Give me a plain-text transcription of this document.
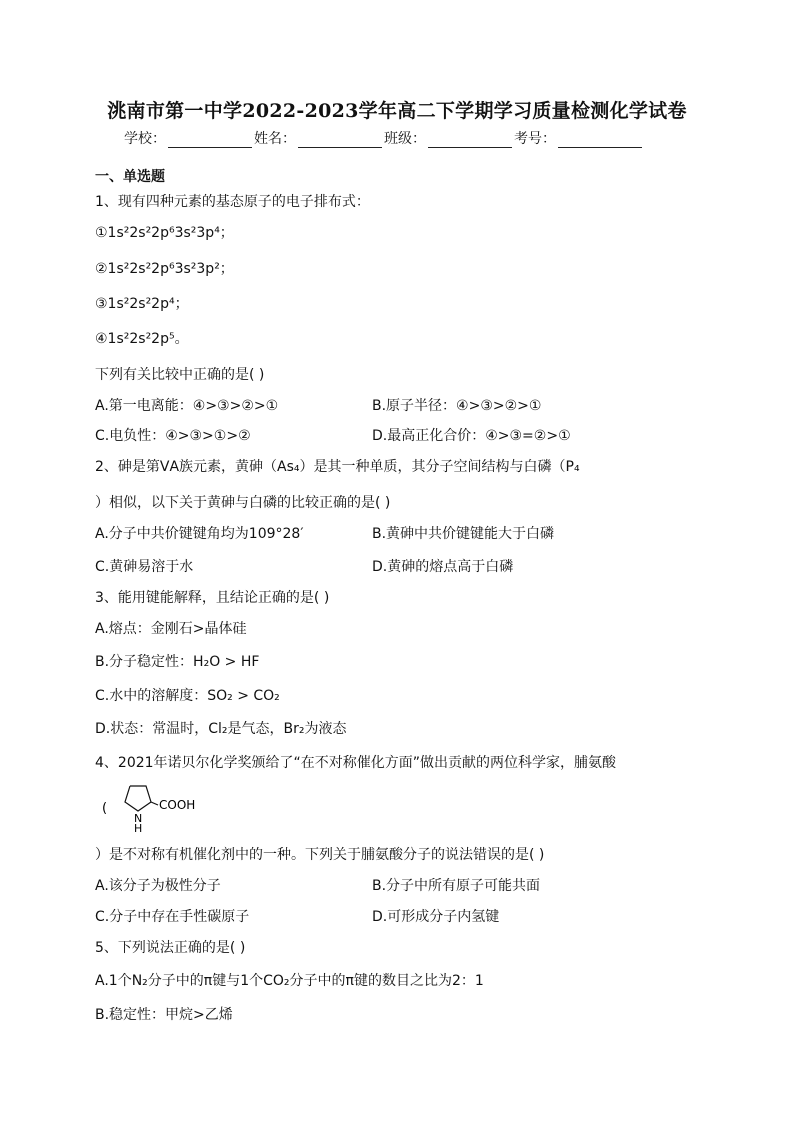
洮南市第一中学2022-2023学年高二下学期学习质量检测化学试卷
学校：	姓名：	班级：	考号：
一、单选题
1、现有四种元素的基态原子的电子排布式：
①1s²2s²2p⁶3s²3p⁴；
②1s²2s²2p⁶3s²3p²；
③1s²2s²2p⁴；
④1s²2s²2p⁵。
下列有关比较中正确的是( )
A.第一电离能：④>③>②>①	B.原子半径：④>③>②>①
C.电负性：④>③>①>②	D.最高正化合价：④>③=②>①
2、砷是第ⅤA族元素，黄砷（As₄）是其一种单质，其分子空间结构与白磷（P₄
）相似，以下关于黄砷与白磷的比较正确的是( )
A.分子中共价键键角均为109°28′	B.黄砷中共价键键能大于白磷
C.黄砷易溶于水	D.黄砷的熔点高于白磷
3、能用键能解释，且结论正确的是( )
A.熔点：金刚石>晶体硅
B.分子稳定性：H₂O > HF
C.水中的溶解度：SO₂ > CO₂
D.状态：常温时，Cl₂是气态，Br₂为液态
4、2021年诺贝尔化学奖颁给了“在不对称催化方面”做出贡献的两位科学家，脯氨酸
(	COOH
N
H
）是不对称有机催化剂中的一种。下列关于脯氨酸分子的说法错误的是( )
A.该分子为极性分子	B.分子中所有原子可能共面
C.分子中存在手性碳原子	D.可形成分子内氢键
5、下列说法正确的是( )
A.1个N₂分子中的π键与1个CO₂分子中的π键的数目之比为2：1
B.稳定性：甲烷>乙烯
